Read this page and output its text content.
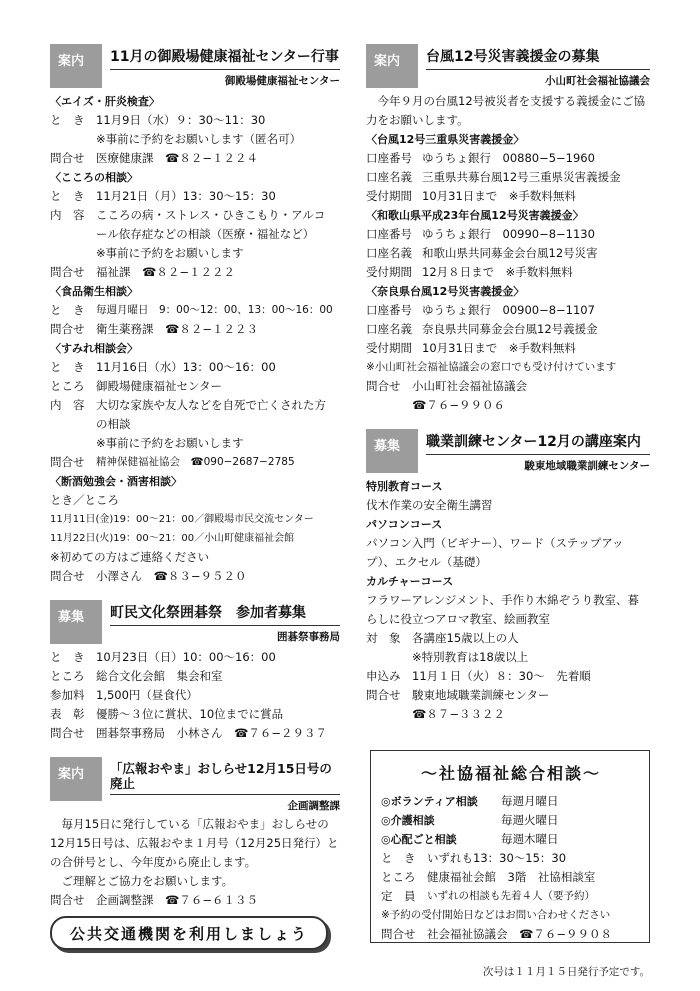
案内	11月の御殿場健康福祉センター行事
御殿場健康福祉センター
〈エイズ・肝炎検査〉
と　き	11月9日（水）９：30〜11：30
※事前に予約をお願いします（匿名可）
問合せ	医療健康課　☎８２−１２２４
〈こころの相談〉
と　き	11月21日（月）13：30〜15：30
内　容	こころの病・ストレス・ひきこもり・アルコ
ール依存症などの相談（医療・福祉など）
※事前に予約をお願いします
問合せ	福祉課　☎８２−１２２２
〈食品衛生相談〉
と　き	毎週月曜日　9：00〜12：00、13：00〜16：00
問合せ	衛生薬務課　☎８２−１２２３
〈すみれ相談会〉
と　き	11月16日（水）13：00〜16：00
ところ	御殿場健康福祉センター
内　容	大切な家族や友人などを自死で亡くされた方
の相談
※事前に予約をお願いします
問合せ	精神保健福祉協会　☎090−2687−2785
〈断酒勉強会・酒害相談〉
とき／ところ
11月11日(金)19：00〜21：00／御殿場市民交流センター
11月22日(火)19：00〜21：00／小山町健康福祉会館
※初めての方はご連絡ください
問合せ	小澤さん　☎８３−９５２０
募集	町民文化祭囲碁祭　参加者募集
囲碁祭事務局
と　き	10月23日（日）10：00〜16：00
ところ	総合文化会館　集会和室
参加料	1,500円（昼食代）
表　彰	優勝〜３位に賞状、10位までに賞品
問合せ	囲碁祭事務局　小林さん　☎７６−２９３７
案内	「広報おやま」おしらせ12月15日号の
廃止
企画調整課
　毎月15日に発行している「広報おやま」おしらせの12月15日号は、広報おやま１月号（12月25日発行）との合併号とし、今年度から廃止します。
　ご理解とご協力をお願いします。
問合せ	企画調整課　☎７６−６１３５
公共交通機関を利用しましょう
案内	台風12号災害義援金の募集
小山町社会福祉協議会
　今年９月の台風12号被災者を支援する義援金にご協力をお願いします。
〈台風12号三重県災害義援金〉
口座番号 ゆうちょ銀行　00880−5−1960
口座名義 三重県共募台風12号三重県災害義援金
受付期間 10月31日まで　※手数料無料
〈和歌山県平成23年台風12号災害義援金〉
口座番号 ゆうちょ銀行　00990−8−1130
口座名義 和歌山県共同募金会台風12号災害
受付期間 12月８日まで　※手数料無料
〈奈良県台風12号災害義援金〉
口座番号 ゆうちょ銀行　00900−8−1107
口座名義 奈良県共同募金会台風12号義援金
受付期間 10月31日まで　※手数料無料
※小山町社会福祉協議会の窓口でも受け付けています
問合せ	小山町社会福祉協議会
☎７６−９９０６
募集	職業訓練センター12月の講座案内
駿東地域職業訓練センター
特別教育コース
伐木作業の安全衛生講習
パソコンコース
パソコン入門（ビギナー）、ワード（ステップアップ）、エクセル（基礎）
カルチャーコース
フラワーアレンジメント、手作り木綿ぞうり教室、暮らしに役立つアロマ教室、絵画教室
対　象	各講座15歳以上の人
※特別教育は18歳以上
申込み	11月１日（火）８：30〜　先着順
問合せ	駿東地域職業訓練センター
☎８７−３３２２
〜社協福祉総合相談〜
◎ボランティア相談	毎週月曜日
◎介護相談	毎週火曜日
◎心配ごと相談	毎週木曜日
と　き	いずれも13：30〜15：30
ところ	健康福祉会館　3階　社協相談室
定　員	いずれの相談も先着４人（要予約）
※予約の受付開始日などはお問い合わせください
問合せ	社会福祉協議会　☎７６−９９０８
次号は１１月１５日発行予定です。
